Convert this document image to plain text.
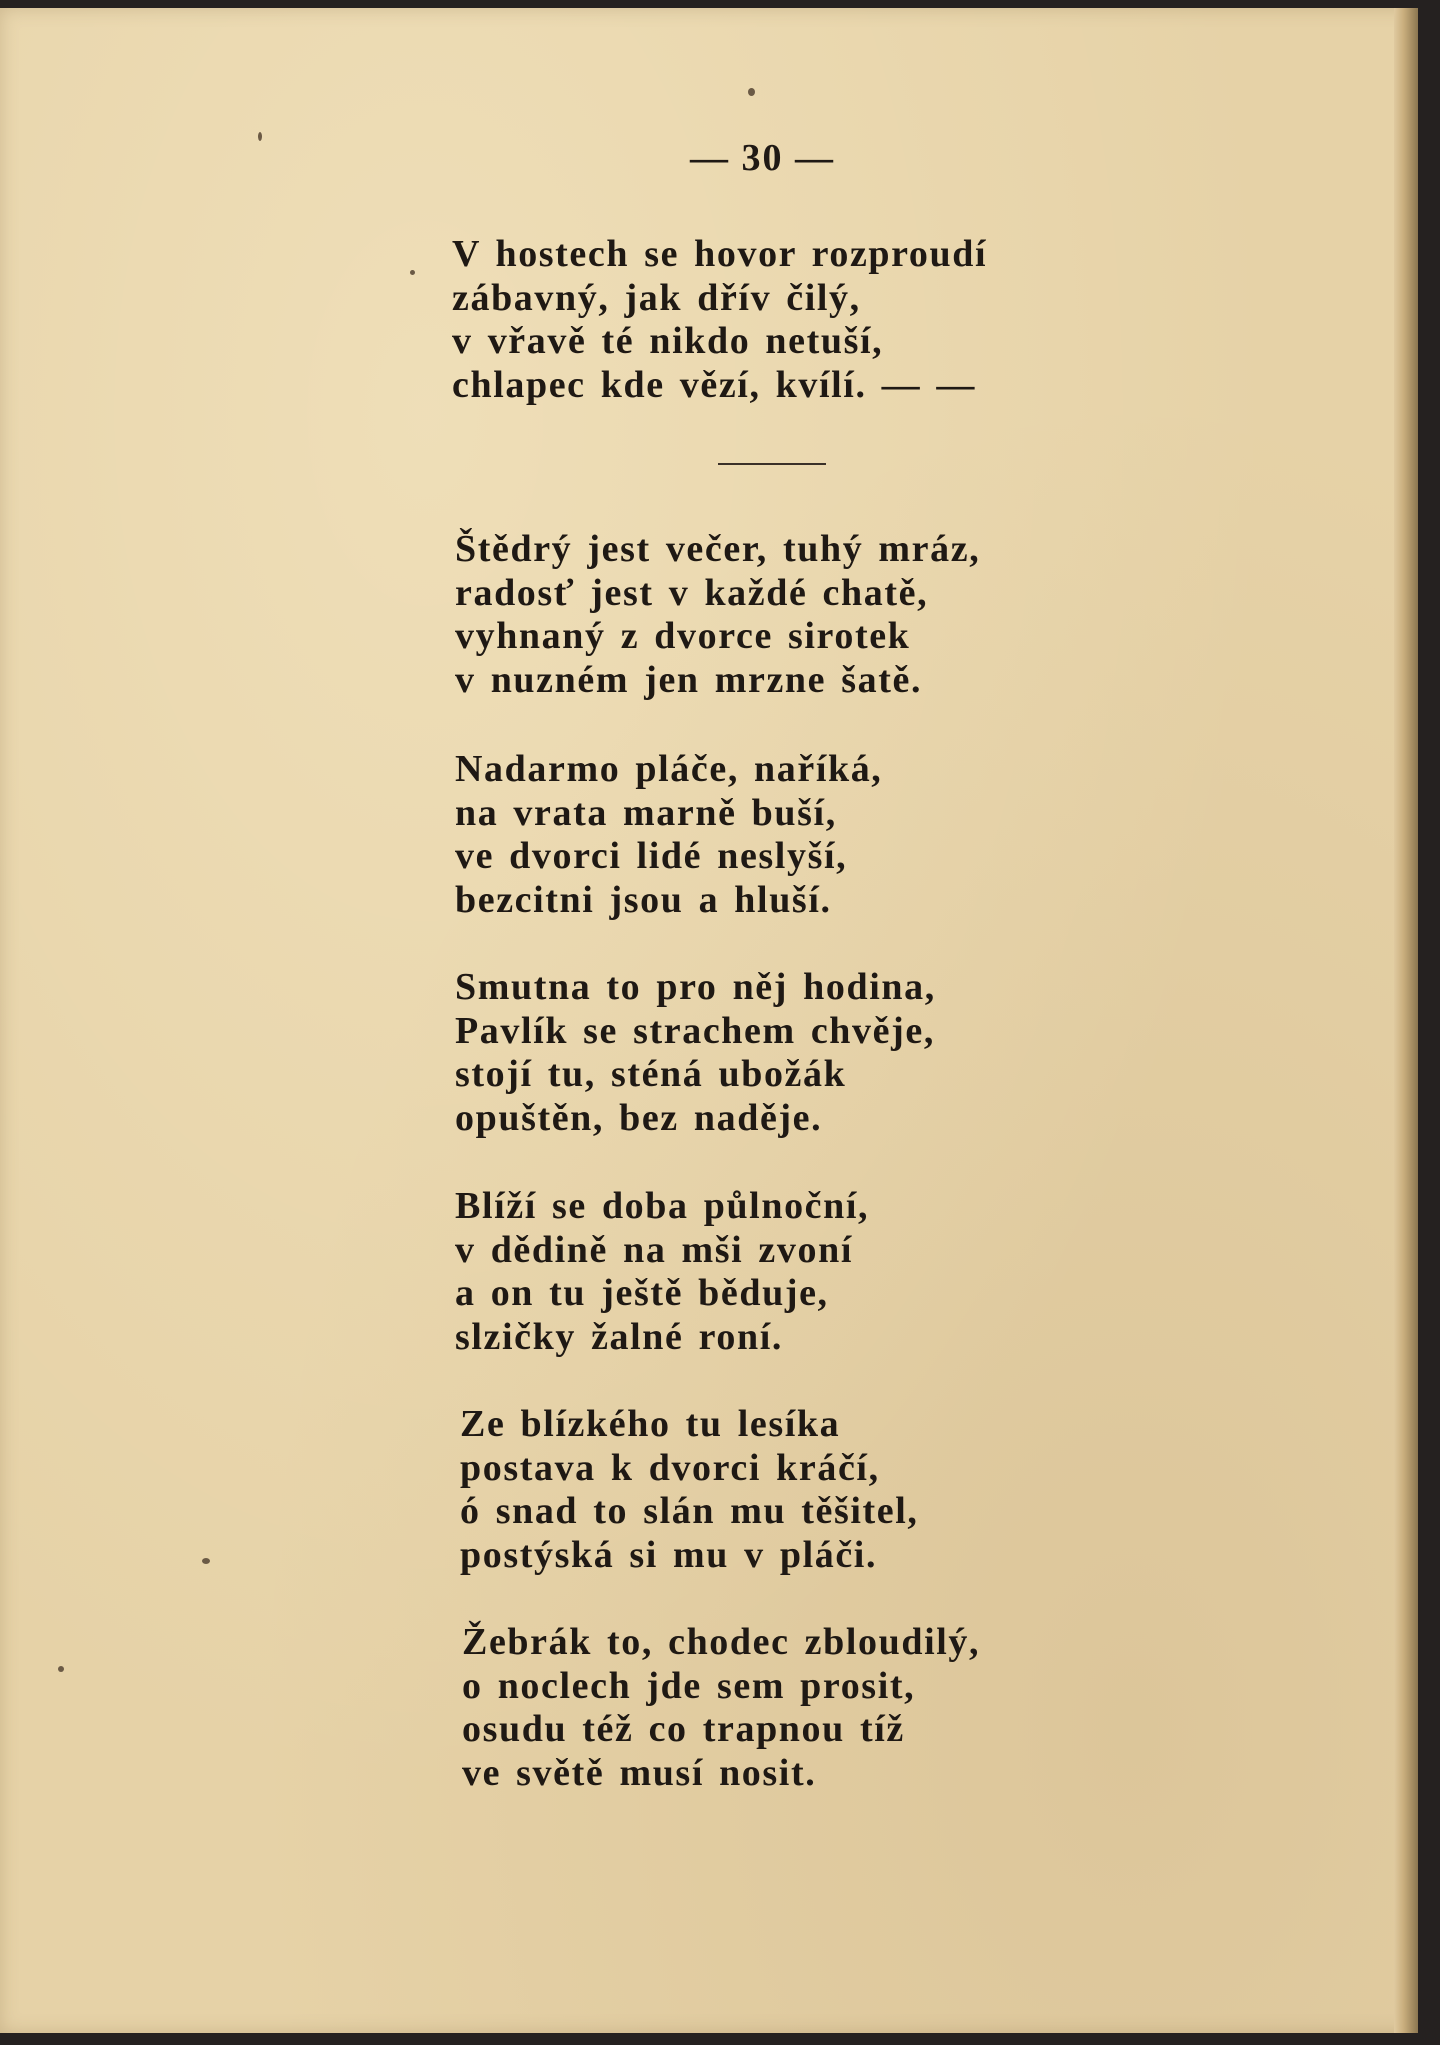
— 30 —

V hostech se hovor rozproudí
zábavný, jak dřív čilý,
v vřavě té nikdo netuší,
chlapec kde vězí, kvílí. — —

Štědrý jest večer, tuhý mráz,
radosť jest v každé chatě,
vyhnaný z dvorce sirotek
v nuzném jen mrzne šatě.

Nadarmo pláče, naříká,
na vrata marně buší,
ve dvorci lidé neslyší,
bezcitni jsou a hluší.

Smutna to pro něj hodina,
Pavlík se strachem chvěje,
stojí tu, sténá ubožák
opuštěn, bez naděje.

Blíží se doba půlnoční,
v dědině na mši zvoní
a on tu ještě běduje,
slzičky žalné roní.

Ze blízkého tu lesíka
postava k dvorci kráčí,
ó snad to slán mu těšitel,
postýská si mu v pláči.

Žebrák to, chodec zbloudilý,
o noclech jde sem prosit,
osudu též co trapnou tíž
ve světě musí nosit.
